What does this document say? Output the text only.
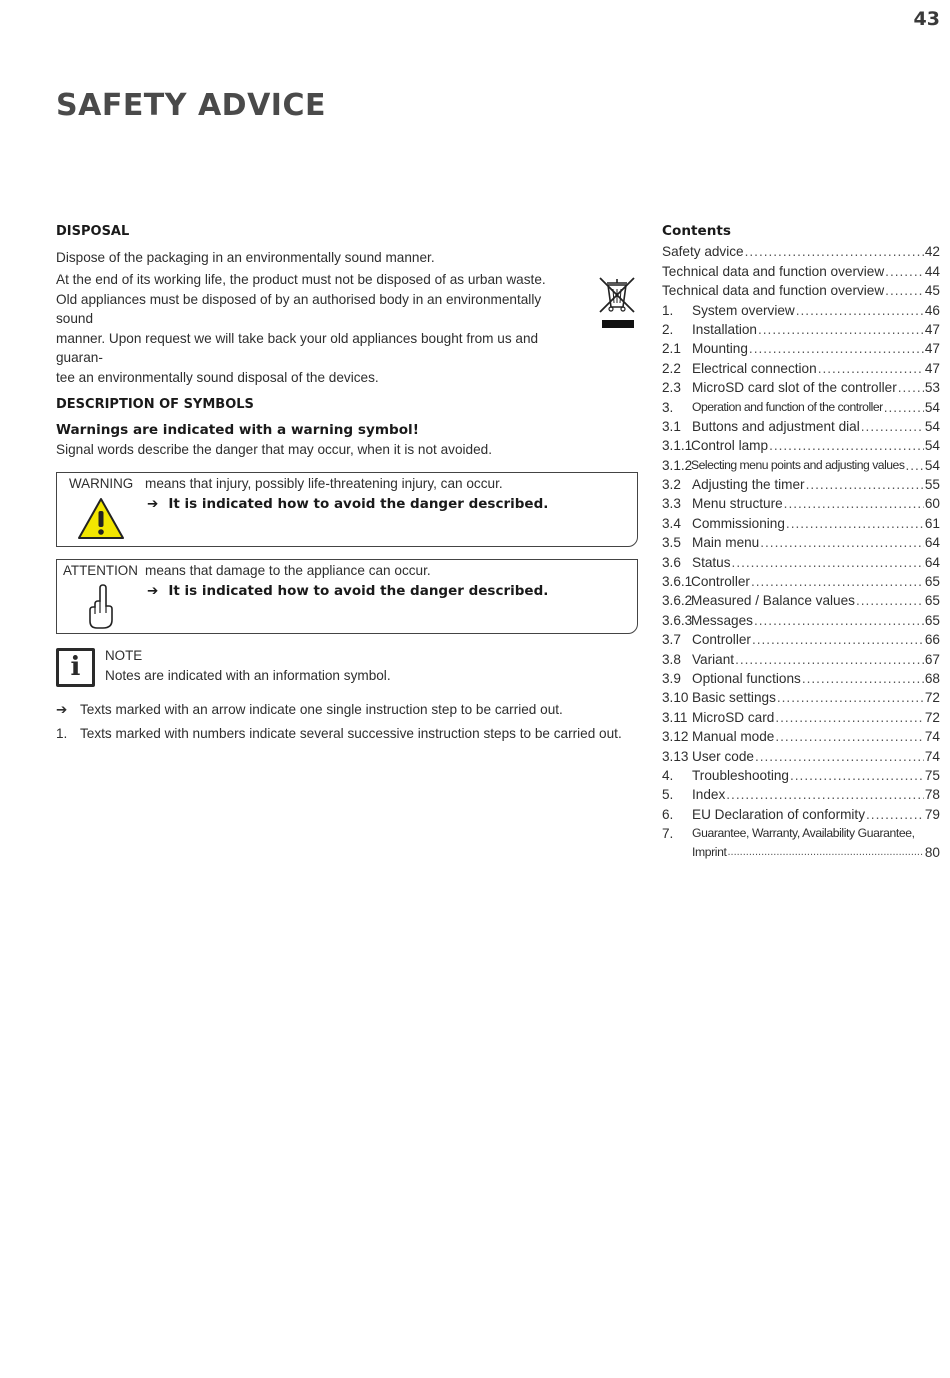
43
SAFETY ADVICE
DISPOSAL
Dispose of the packaging in an environmentally sound manner.
At the end of its working life, the product must not be disposed of as urban waste.
Old appliances must be disposed of by an authorised body in an environmentally sound
manner. Upon request we will take back your old appliances bought from us and guaran-
tee an environmentally sound disposal of the devices.
DESCRIPTION OF SYMBOLS
Warnings are indicated with a warning symbol!
Signal words describe the danger that may occur, when it is not avoided.
WARNING means that injury, possibly life-threatening injury, can occur.
➔ It is indicated how to avoid the danger described.
ATTENTION means that damage to the appliance can occur.
➔ It is indicated how to avoid the danger described.
i	NOTE
Notes are indicated with an information symbol.
➔ Texts marked with an arrow indicate one single instruction step to be carried out.
1. Texts marked with numbers indicate several successive instruction steps to be carried out.
Contents
Safety advice .....	42
Technical data and function overview .....	44
Technical data and function overview .....	45
1. System overview .....	46
2. Installation .....	47
2.1 Mounting .....	47
2.2 Electrical connection .....	47
2.3 MicroSD card slot of the controller ..... 53
3. Operation and function of the controller .....	54
3.1 Buttons and adjustment dial .....	54
3.1.1
Control lamp .....	54
3.1.2
Selecting menu points and adjusting values ..... 54
3.2 Adjusting the timer .....	55
3.3 Menu structure .....	60
3.4 Commissioning .....	61
3.5 Main menu .....	64
3.6 Status .....	64
3.6.1
Controller .....	65
3.6.2
Measured / Balance values .....	65
3.6.3
Messages .....	65
3.7 Controller .....	66
3.8 Variant .....	67
3.9 Optional functions .....	68
3.10 Basic settings .....	72
3.11 MicroSD card .....	72
3.12 Manual mode .....	74
3.13 User code .....	74
4. Troubleshooting .....	75
5. Index .....	78
6. EU Declaration of conformity .....	79
7. Guarantee, Warranty, Availability Guarantee,
Imprint .....	80
